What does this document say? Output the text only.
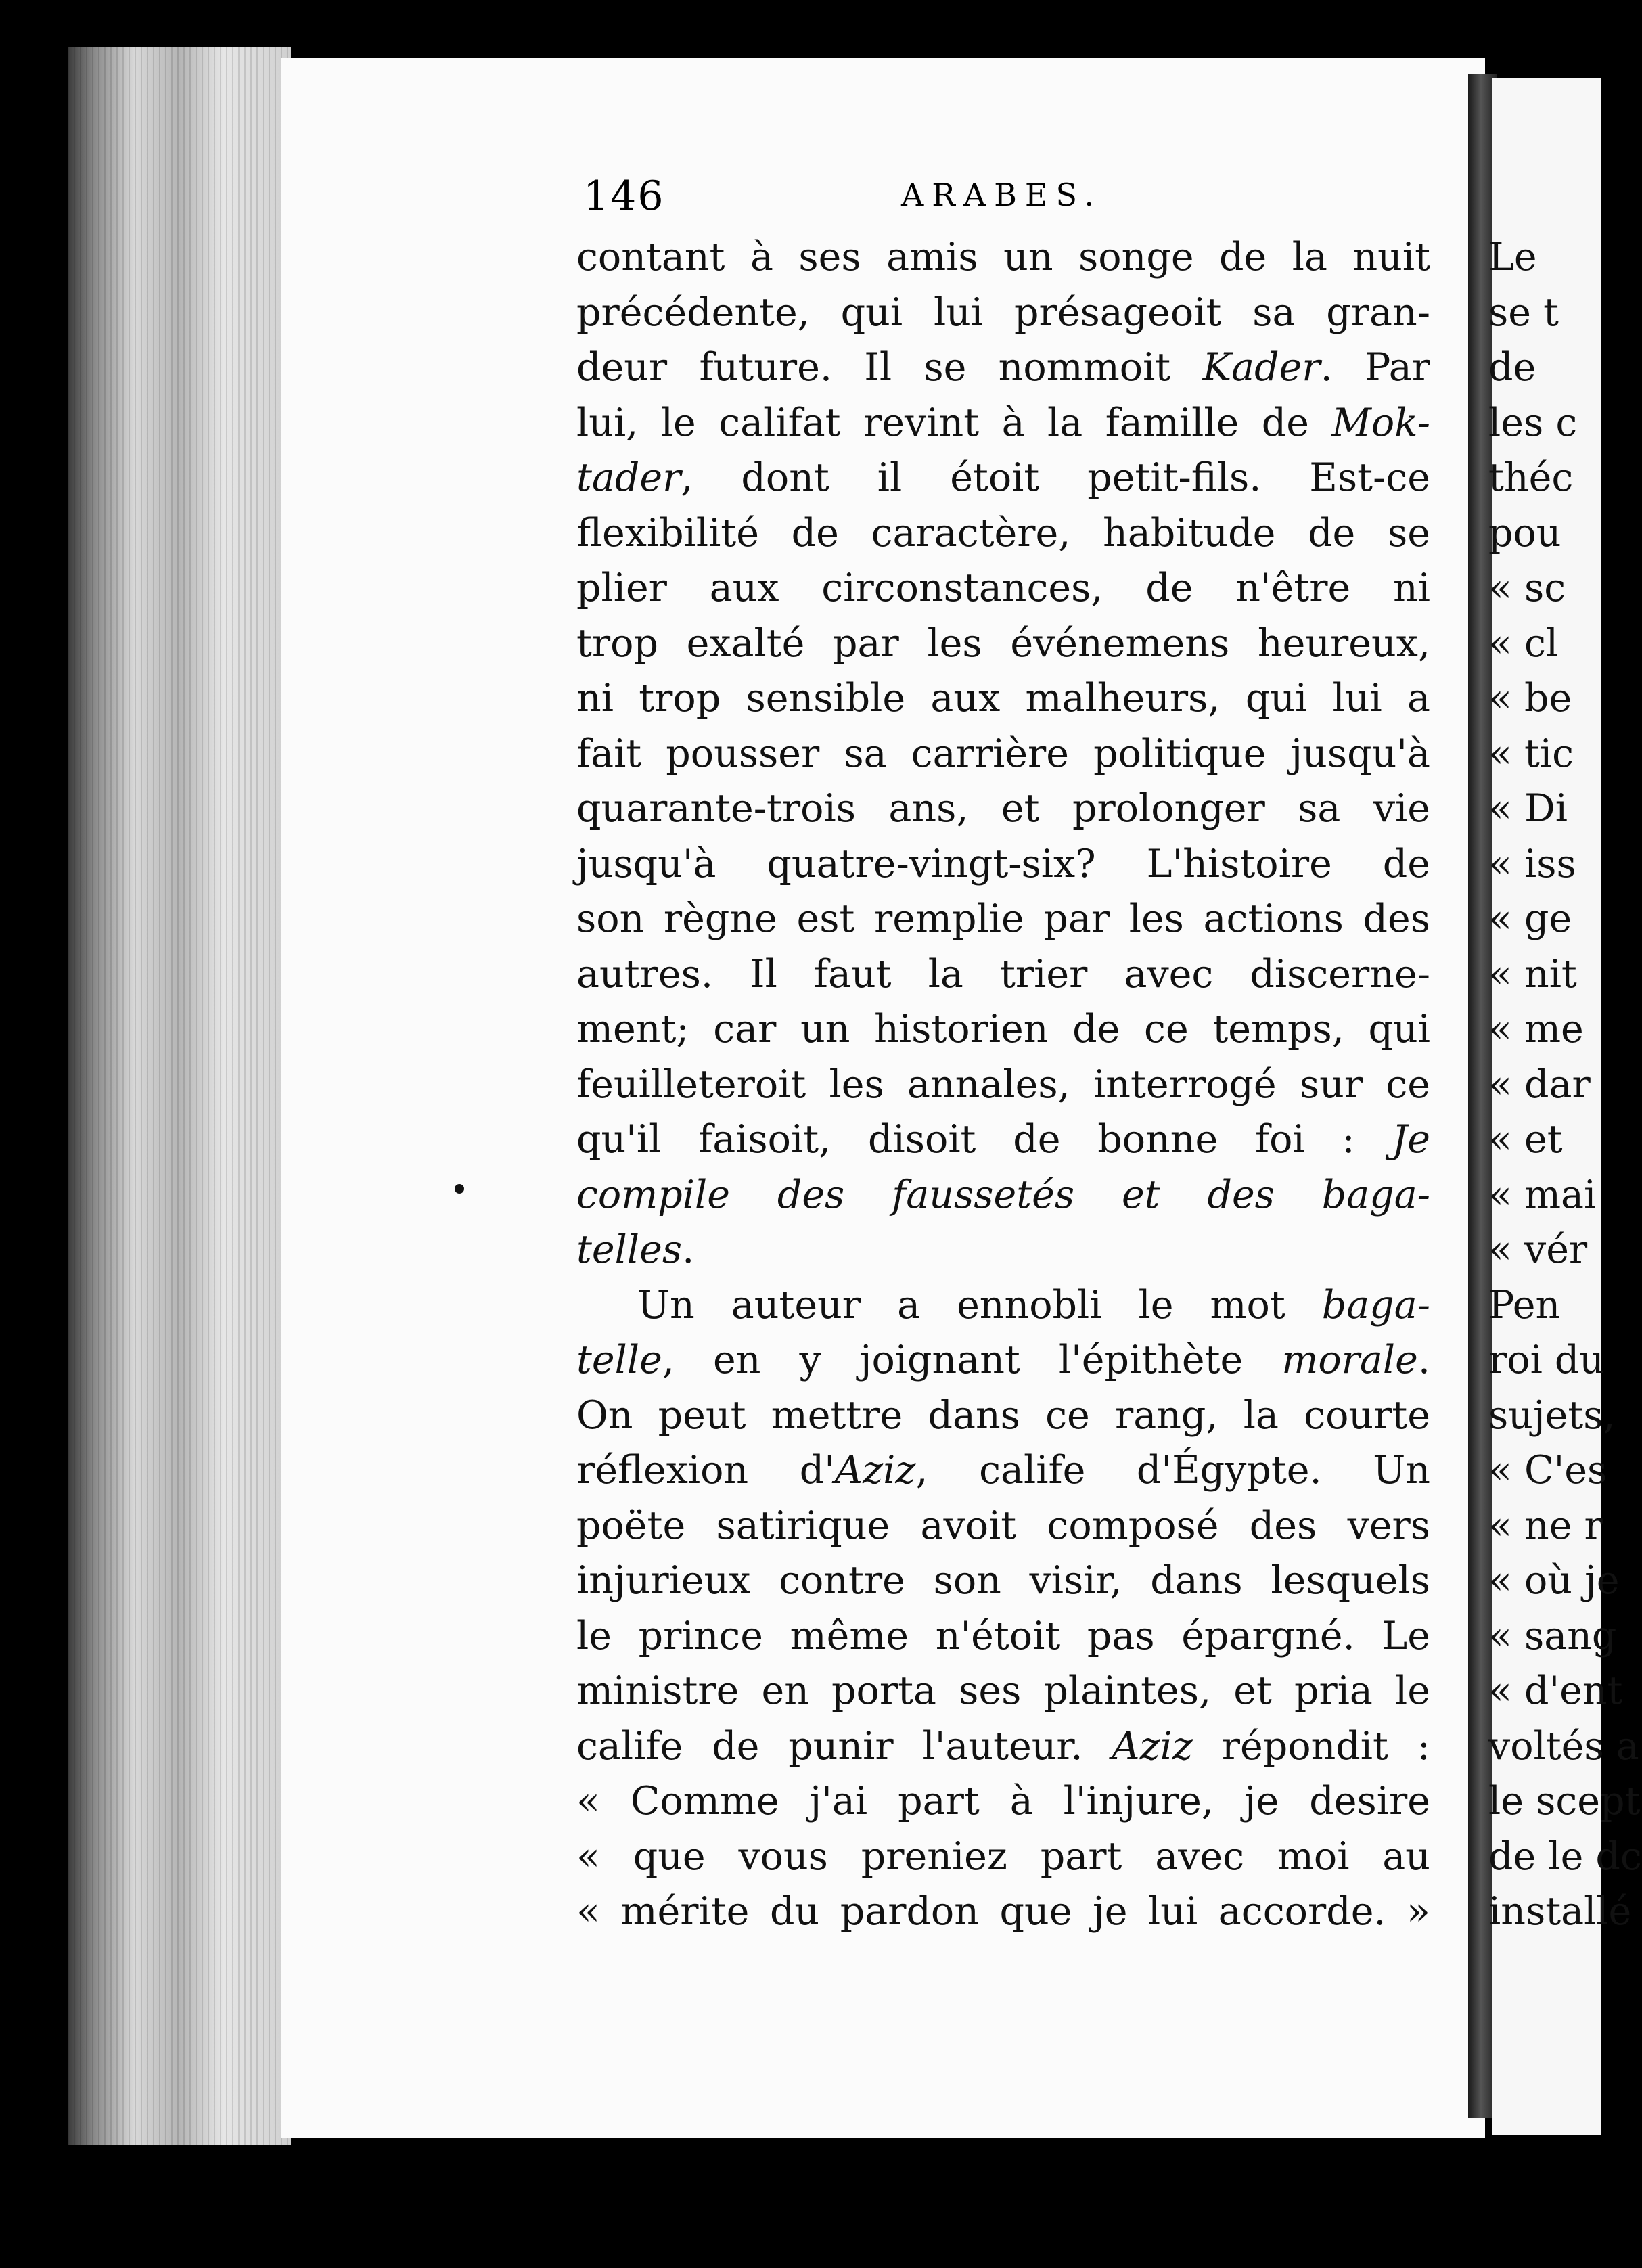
146	ARABES.
contant à ses amis un songe de la nuit
précédente, qui lui présageoit sa gran-
deur future. Il se nommoit Kader. Par
lui, le califat revint à la famille de Mok-
tader, dont il étoit petit-fils. Est-ce
flexibilité de caractère, habitude de se
plier aux circonstances, de n'être ni
trop exalté par les événemens heureux,
ni trop sensible aux malheurs, qui lui a
fait pousser sa carrière politique jusqu'à
quarante-trois ans, et prolonger sa vie
jusqu'à quatre-vingt-six? L'histoire de
son règne est remplie par les actions des
autres. Il faut la trier avec discerne-
ment; car un historien de ce temps, qui
feuilleteroit les annales, interrogé sur ce
qu'il faisoit, disoit de bonne foi : Je
compile des faussetés et des baga-
telles.
Un auteur a ennobli le mot baga-
telle, en y joignant l'épithète morale.
On peut mettre dans ce rang, la courte
réflexion d'Aziz, calife d'Égypte. Un
poëte satirique avoit composé des vers
injurieux contre son visir, dans lesquels
le prince même n'étoit pas épargné. Le
ministre en porta ses plaintes, et pria le
calife de punir l'auteur. Aziz répondit :
« Comme j'ai part à l'injure, je desire
« que vous preniez part avec moi au
« mérite du pardon que je lui accorde. »
Le
se t
de
les c
théc
pou
« sc
« cl
« be
« tic
« Di
« iss
« ge
« nit
« me
« dar
« et
« mai
« vér
Pen
roi du
sujets,
« C'es
« ne r
« où je
« sang
« d'ent
voltés a
le scept
de le dc
installé
